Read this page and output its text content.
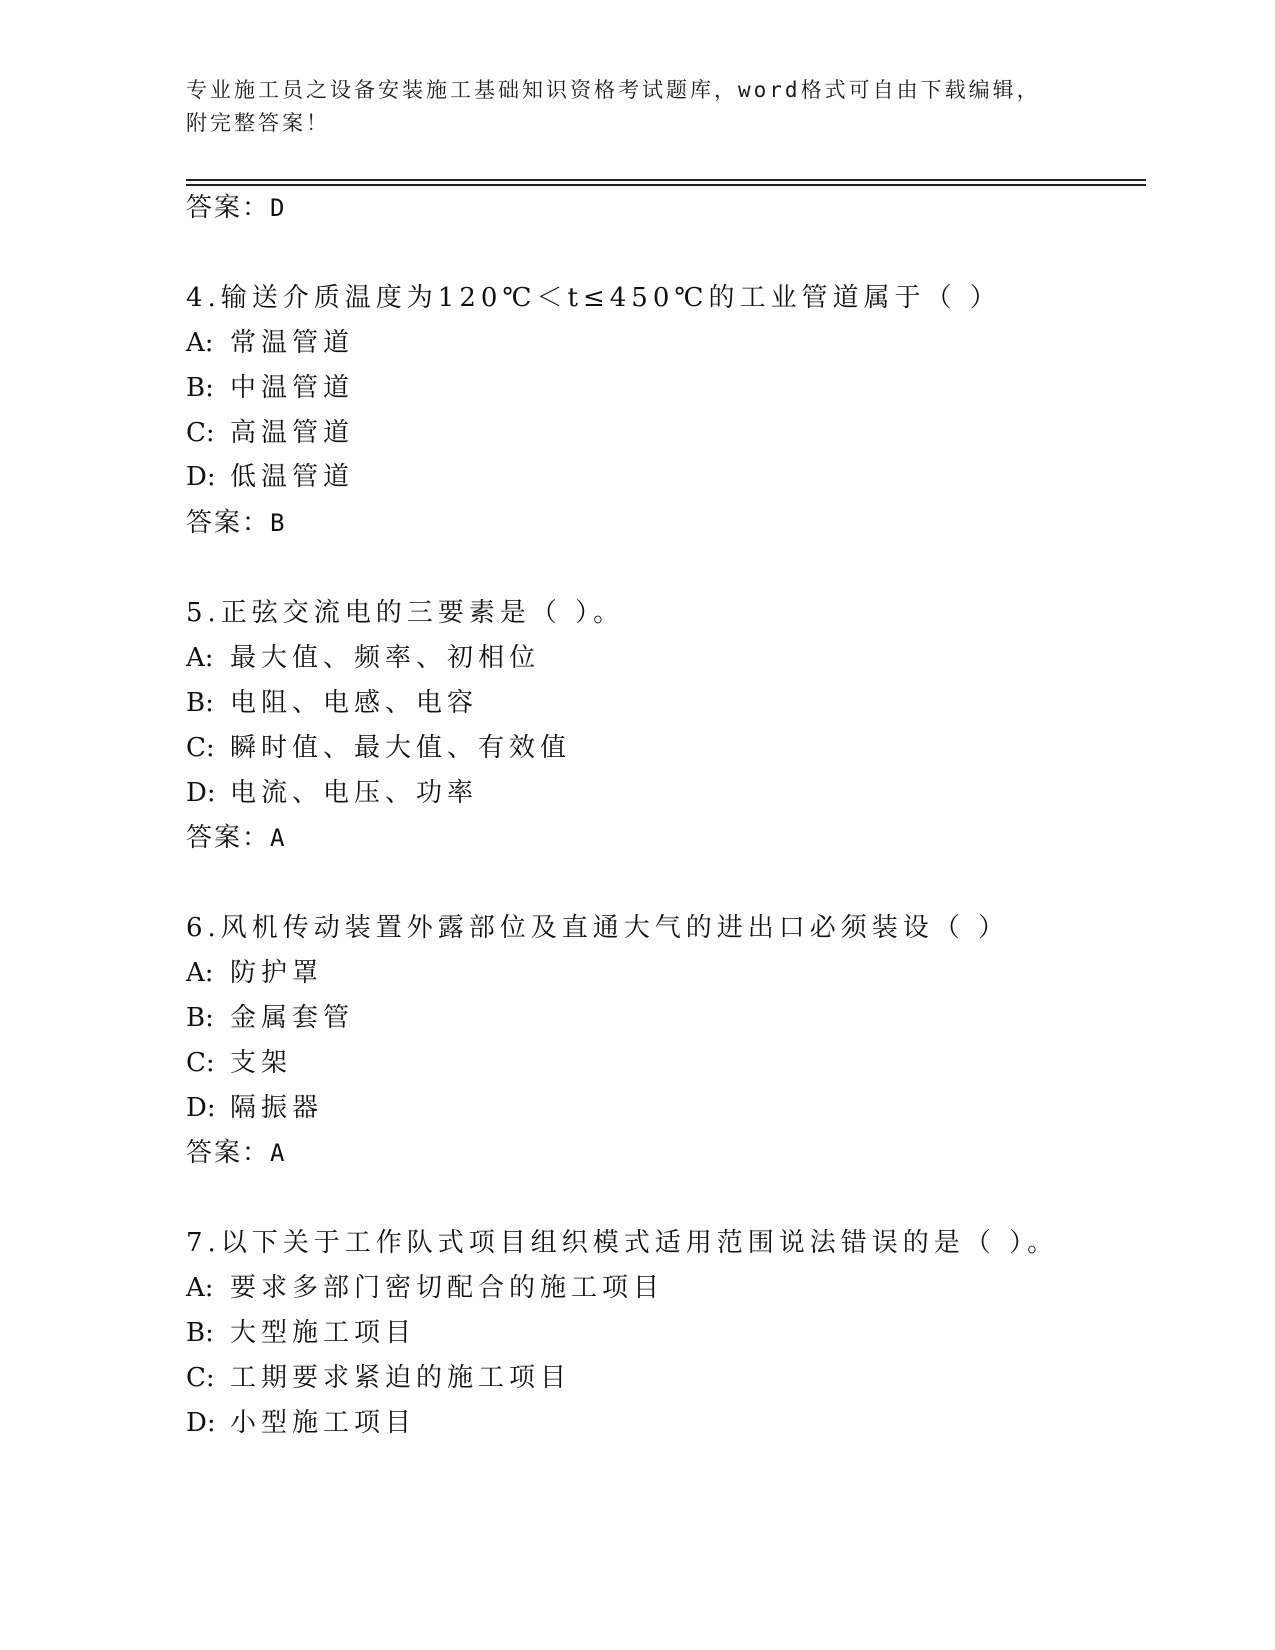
专业施工员之设备安装施工基础知识资格考试题库，word格式可自由下载编辑，
附完整答案！
答案：D
4.输送介质温度为120℃＜t≤450℃的工业管道属于（ ）
A: 常温管道
B: 中温管道
C: 高温管道
D: 低温管道
答案：B
5.正弦交流电的三要素是（ ）。
A: 最大值、频率、初相位
B: 电阻、电感、电容
C: 瞬时值、最大值、有效值
D: 电流、电压、功率
答案：A
6.风机传动装置外露部位及直通大气的进出口必须装设（ ）
A: 防护罩
B: 金属套管
C: 支架
D: 隔振器
答案：A
7.以下关于工作队式项目组织模式适用范围说法错误的是（ ）。
A: 要求多部门密切配合的施工项目
B: 大型施工项目
C: 工期要求紧迫的施工项目
D: 小型施工项目
